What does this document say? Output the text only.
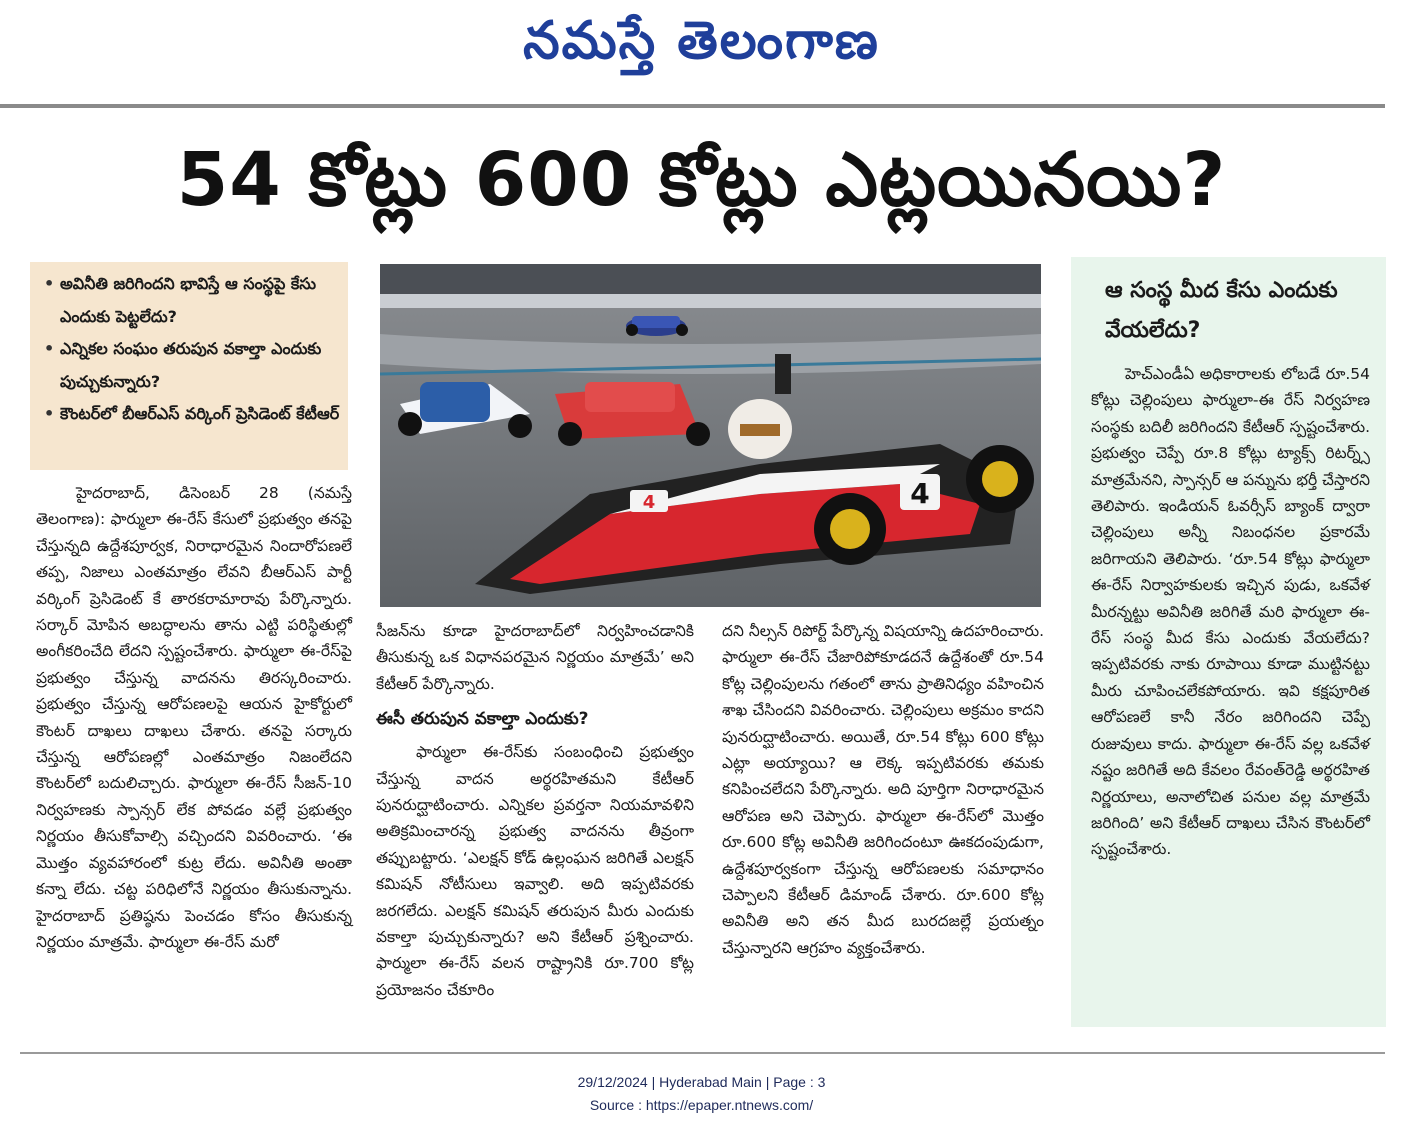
నమస్తే తెలంగాణ
54 కోట్లు 600 కోట్లు ఎట్లయినయి?
• అవినీతి జరిగిందని భావిస్తే ఆ సంస్థపై కేసు ఎందుకు పెట్టలేదు?
• ఎన్నికల సంఘం తరుపున వకాల్తా ఎందుకు పుచ్చుకున్నారు?
• కౌంటర్‌లో బీఆర్‌ఎస్ వర్కింగ్ ప్రెసిడెంట్ కేటీఆర్
4
4

హైదరాబాద్, డిసెంబర్ 28 (నమస్తే తెలంగాణ): ఫార్ములా ఈ-రేస్ కేసులో ప్రభుత్వం తనపై చేస్తున్నది ఉద్దేశపూర్వక, నిరాధారమైన నిందారోపణలే తప్ప, నిజాలు ఎంతమాత్రం లేవని బీఆర్‌ఎస్ పార్టీ వర్కింగ్ ప్రెసిడెంట్ కే తారకరామారావు పేర్కొన్నారు. సర్కార్ మోపిన అబద్ధాలను తాను ఎట్టి పరిస్థితుల్లో అంగీకరించేది లేదని స్పష్టంచేశారు. ఫార్ములా ఈ-రేస్‌పై ప్రభుత్వం చేస్తున్న వాదనను తిరస్కరించారు. ప్రభుత్వం చేస్తున్న ఆరోపణలపై ఆయన హైకోర్టులో కౌంటర్ దాఖలు దాఖలు చేశారు. తనపై సర్కారు చేస్తున్న ఆరోపణల్లో ఎంతమాత్రం నిజంలేదని కౌంటర్‌లో బదులిచ్చారు. ఫార్ములా ఈ-రేస్ సీజన్-10 నిర్వహణకు స్పాన్సర్ లేక పోవడం వల్లే ప్రభుత్వం నిర్ణయం తీసుకోవాల్సి వచ్చిందని వివరించారు. ‘ఈ మొత్తం వ్యవహారంలో కుట్ర లేదు. అవినీతి అంతా కన్నా లేదు. చట్ట పరిధిలోనే నిర్ణయం తీసుకున్నాను. హైదరాబాద్ ప్రతిష్ఠను పెంచడం కోసం తీసుకున్న నిర్ణయం మాత్రమే. ఫార్ములా ఈ-రేస్ మరో

సీజన్‌ను కూడా హైదరాబాద్‌లో నిర్వహించడానికి తీసుకున్న ఒక విధానపరమైన నిర్ణయం మాత్రమే’ అని కేటీఆర్ పేర్కొన్నారు.

ఈసీ తరుపున వకాల్తా ఎందుకు?

ఫార్ములా ఈ-రేస్‌కు సంబంధించి ప్రభుత్వం చేస్తున్న వాదన అర్థరహితమని కేటీఆర్ పునరుద్ఘాటించారు. ఎన్నికల ప్రవర్తనా నియమావళిని అతిక్రమించారన్న ప్రభుత్వ వాదనను తీవ్రంగా తప్పుబట్టారు. ‘ఎలక్షన్ కోడ్ ఉల్లంఘన జరిగితే ఎలక్షన్ కమిషన్ నోటీసులు ఇవ్వాలి. అది ఇప్పటివరకు జరగలేదు. ఎలక్షన్ కమిషన్ తరుపున మీరు ఎందుకు వకాల్తా పుచ్చుకున్నారు? అని కేటీఆర్ ప్రశ్నించారు. ఫార్ములా ఈ-రేస్ వలన రాష్ట్రానికి రూ.700 కోట్ల ప్రయోజనం చేకూరిం

దని నీల్సన్ రిపోర్ట్ పేర్కొన్న విషయాన్ని ఉదహరించారు. ఫార్ములా ఈ-రేస్ చేజారిపోకూడదనే ఉద్దేశంతో రూ.54 కోట్ల చెల్లింపులను గతంలో తాను ప్రాతినిధ్యం వహించిన శాఖ చేసిందని వివరించారు. చెల్లింపులు అక్రమం కాదని పునరుద్ఘాటించారు. అయితే, రూ.54 కోట్లు 600 కోట్లు ఎట్లా అయ్యాయి? ఆ లెక్క ఇప్పటివరకు తమకు కనిపించలేదని పేర్కొన్నారు. అది పూర్తిగా నిరాధారమైన ఆరోపణ అని చెప్పారు. ఫార్ములా ఈ-రేస్‌లో మొత్తం రూ.600 కోట్ల అవినీతి జరిగిందంటూ ఊకదంపుడుగా, ఉద్దేశపూర్వకంగా చేస్తున్న ఆరోపణలకు సమాధానం చెప్పాలని కేటీఆర్ డిమాండ్ చేశారు. రూ.600 కోట్ల అవినీతి అని తన మీద బురదజల్లే ప్రయత్నం చేస్తున్నారని ఆగ్రహం వ్యక్తంచేశారు.

ఆ సంస్థ మీద కేసు ఎందుకు వేయలేదు?

హెచ్‌ఎండీఏ అధికారాలకు లోబడే రూ.54 కోట్లు చెల్లింపులు ఫార్ములా-ఈ రేస్ నిర్వహణ సంస్థకు బదిలీ జరిగిందని కేటీఆర్ స్పష్టంచేశారు. ప్రభుత్వం చెప్పే రూ.8 కోట్లు ట్యాక్స్ రిటర్న్స్ మాత్రమేనని, స్పాన్సర్ ఆ పన్నును భర్తీ చేస్తారని తెలిపారు. ఇండియన్ ఓవర్సీస్ బ్యాంక్ ద్వారా చెల్లింపులు అన్నీ నిబంధనల ప్రకారమే జరిగాయని తెలిపారు. ‘రూ.54 కోట్లు ఫార్ములా ఈ-రేస్ నిర్వాహకులకు ఇచ్చిన పుడు, ఒకవేళ మీరన్నట్టు అవినీతి జరిగితే మరి ఫార్ములా ఈ-రేస్ సంస్థ మీద కేసు ఎందుకు వేయలేదు? ఇప్పటివరకు నాకు రూపాయి కూడా ముట్టినట్టు మీరు చూపించలేకపోయారు. ఇవి కక్షపూరిత ఆరోపణలే కానీ నేరం జరిగిందని చెప్పే రుజువులు కాదు. ఫార్ములా ఈ-రేస్ వల్ల ఒకవేళ నష్టం జరిగితే అది కేవలం రేవంత్‌రెడ్డి అర్థరహిత నిర్ణయాలు, అనాలోచిత పనుల వల్ల మాత్రమే జరిగింది’ అని కేటీఆర్ దాఖలు చేసిన కౌంటర్‌లో స్పష్టంచేశారు.

29/12/2024 | Hyderabad Main | Page : 3
Source : https://epaper.ntnews.com/
